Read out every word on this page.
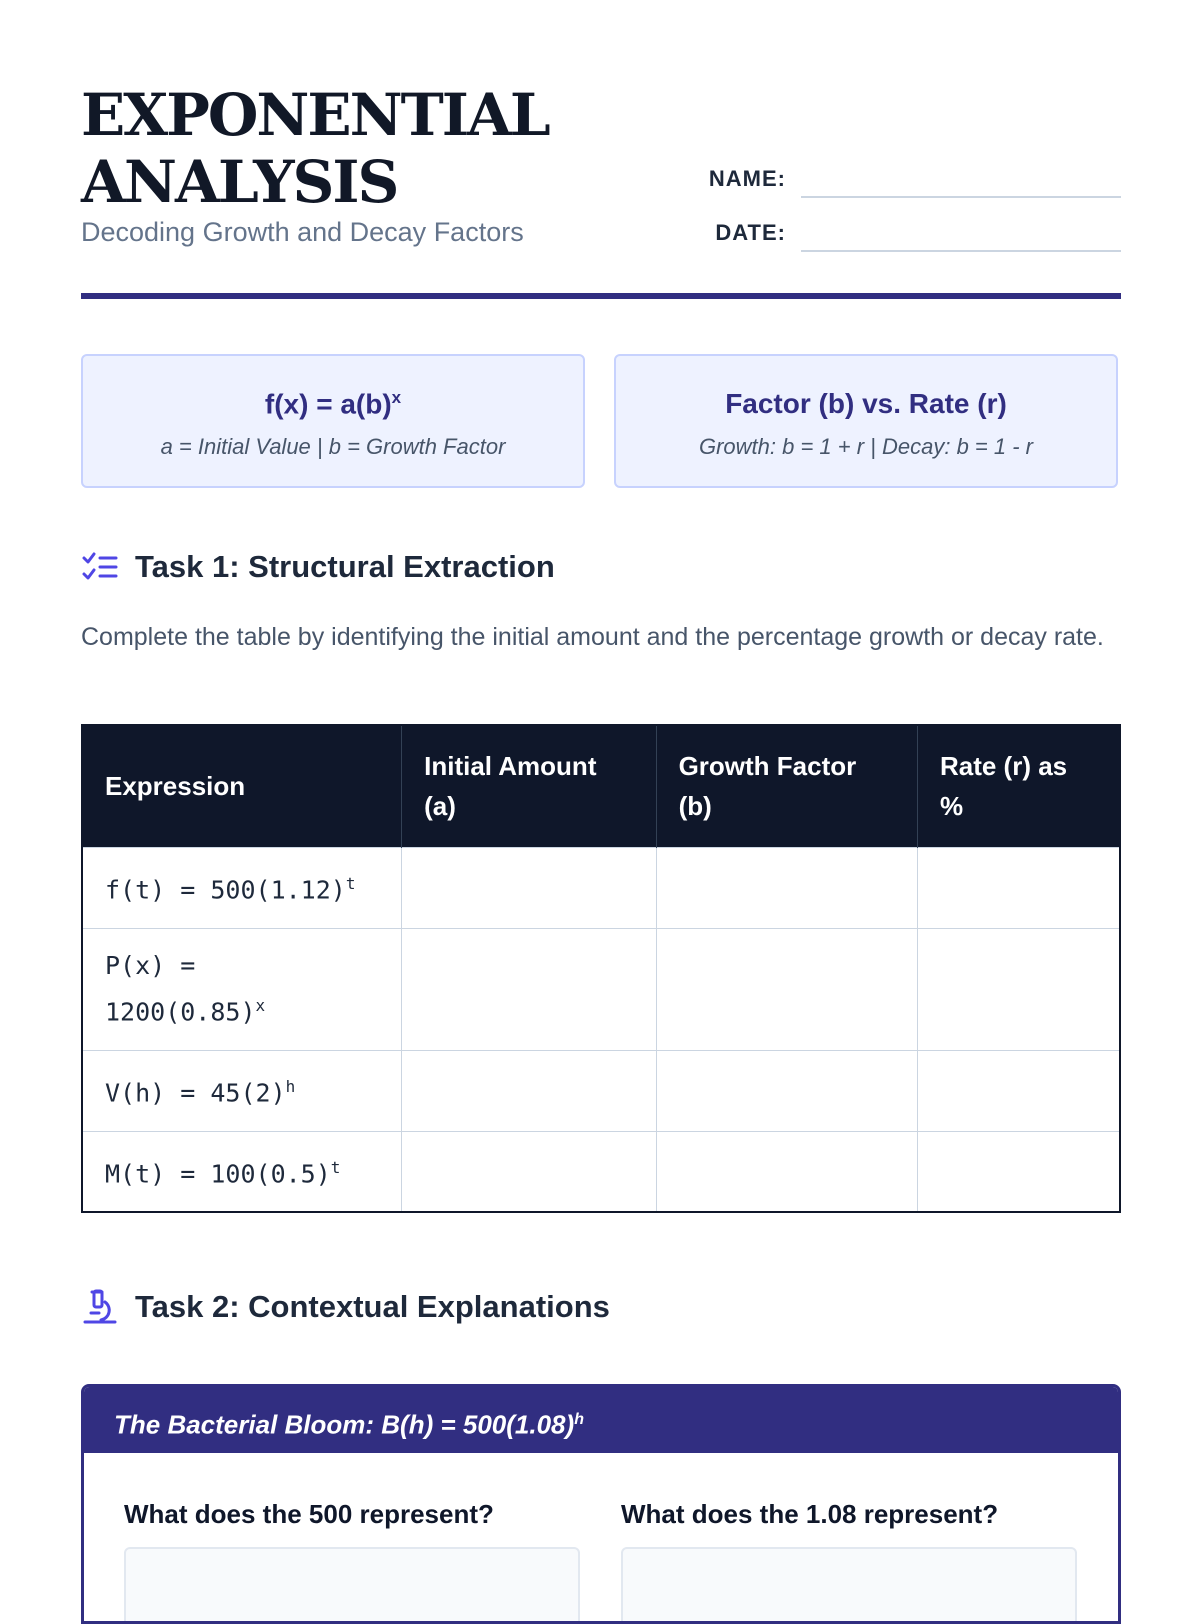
EXPONENTIAL
ANALYSIS
Decoding Growth and Decay Factors
NAME:
DATE:
$f(x) = a(b)^x$
a = Initial Value | b = Growth Factor
Factor (b) vs. Rate (r)
Growth: b = 1 + r | Decay: b = 1 - r
Task 1: Structural Extraction
Complete the table by identifying the initial amount and the percentage growth or decay rate.
Expression	Initial Amount (a)	Growth Factor (b)	Rate (r) as %
$f(t) = 500(1.12)^t$			
$P(x) = 1200(0.85)^x$			
$V(h) = 45(2)^h$			
$M(t) = 100(0.5)^t$			
Task 2: Contextual Explanations
The Bacterial Bloom: $B(h) = 500(1.08)^h$
What does the 500 represent?	What does the 1.08 represent?
